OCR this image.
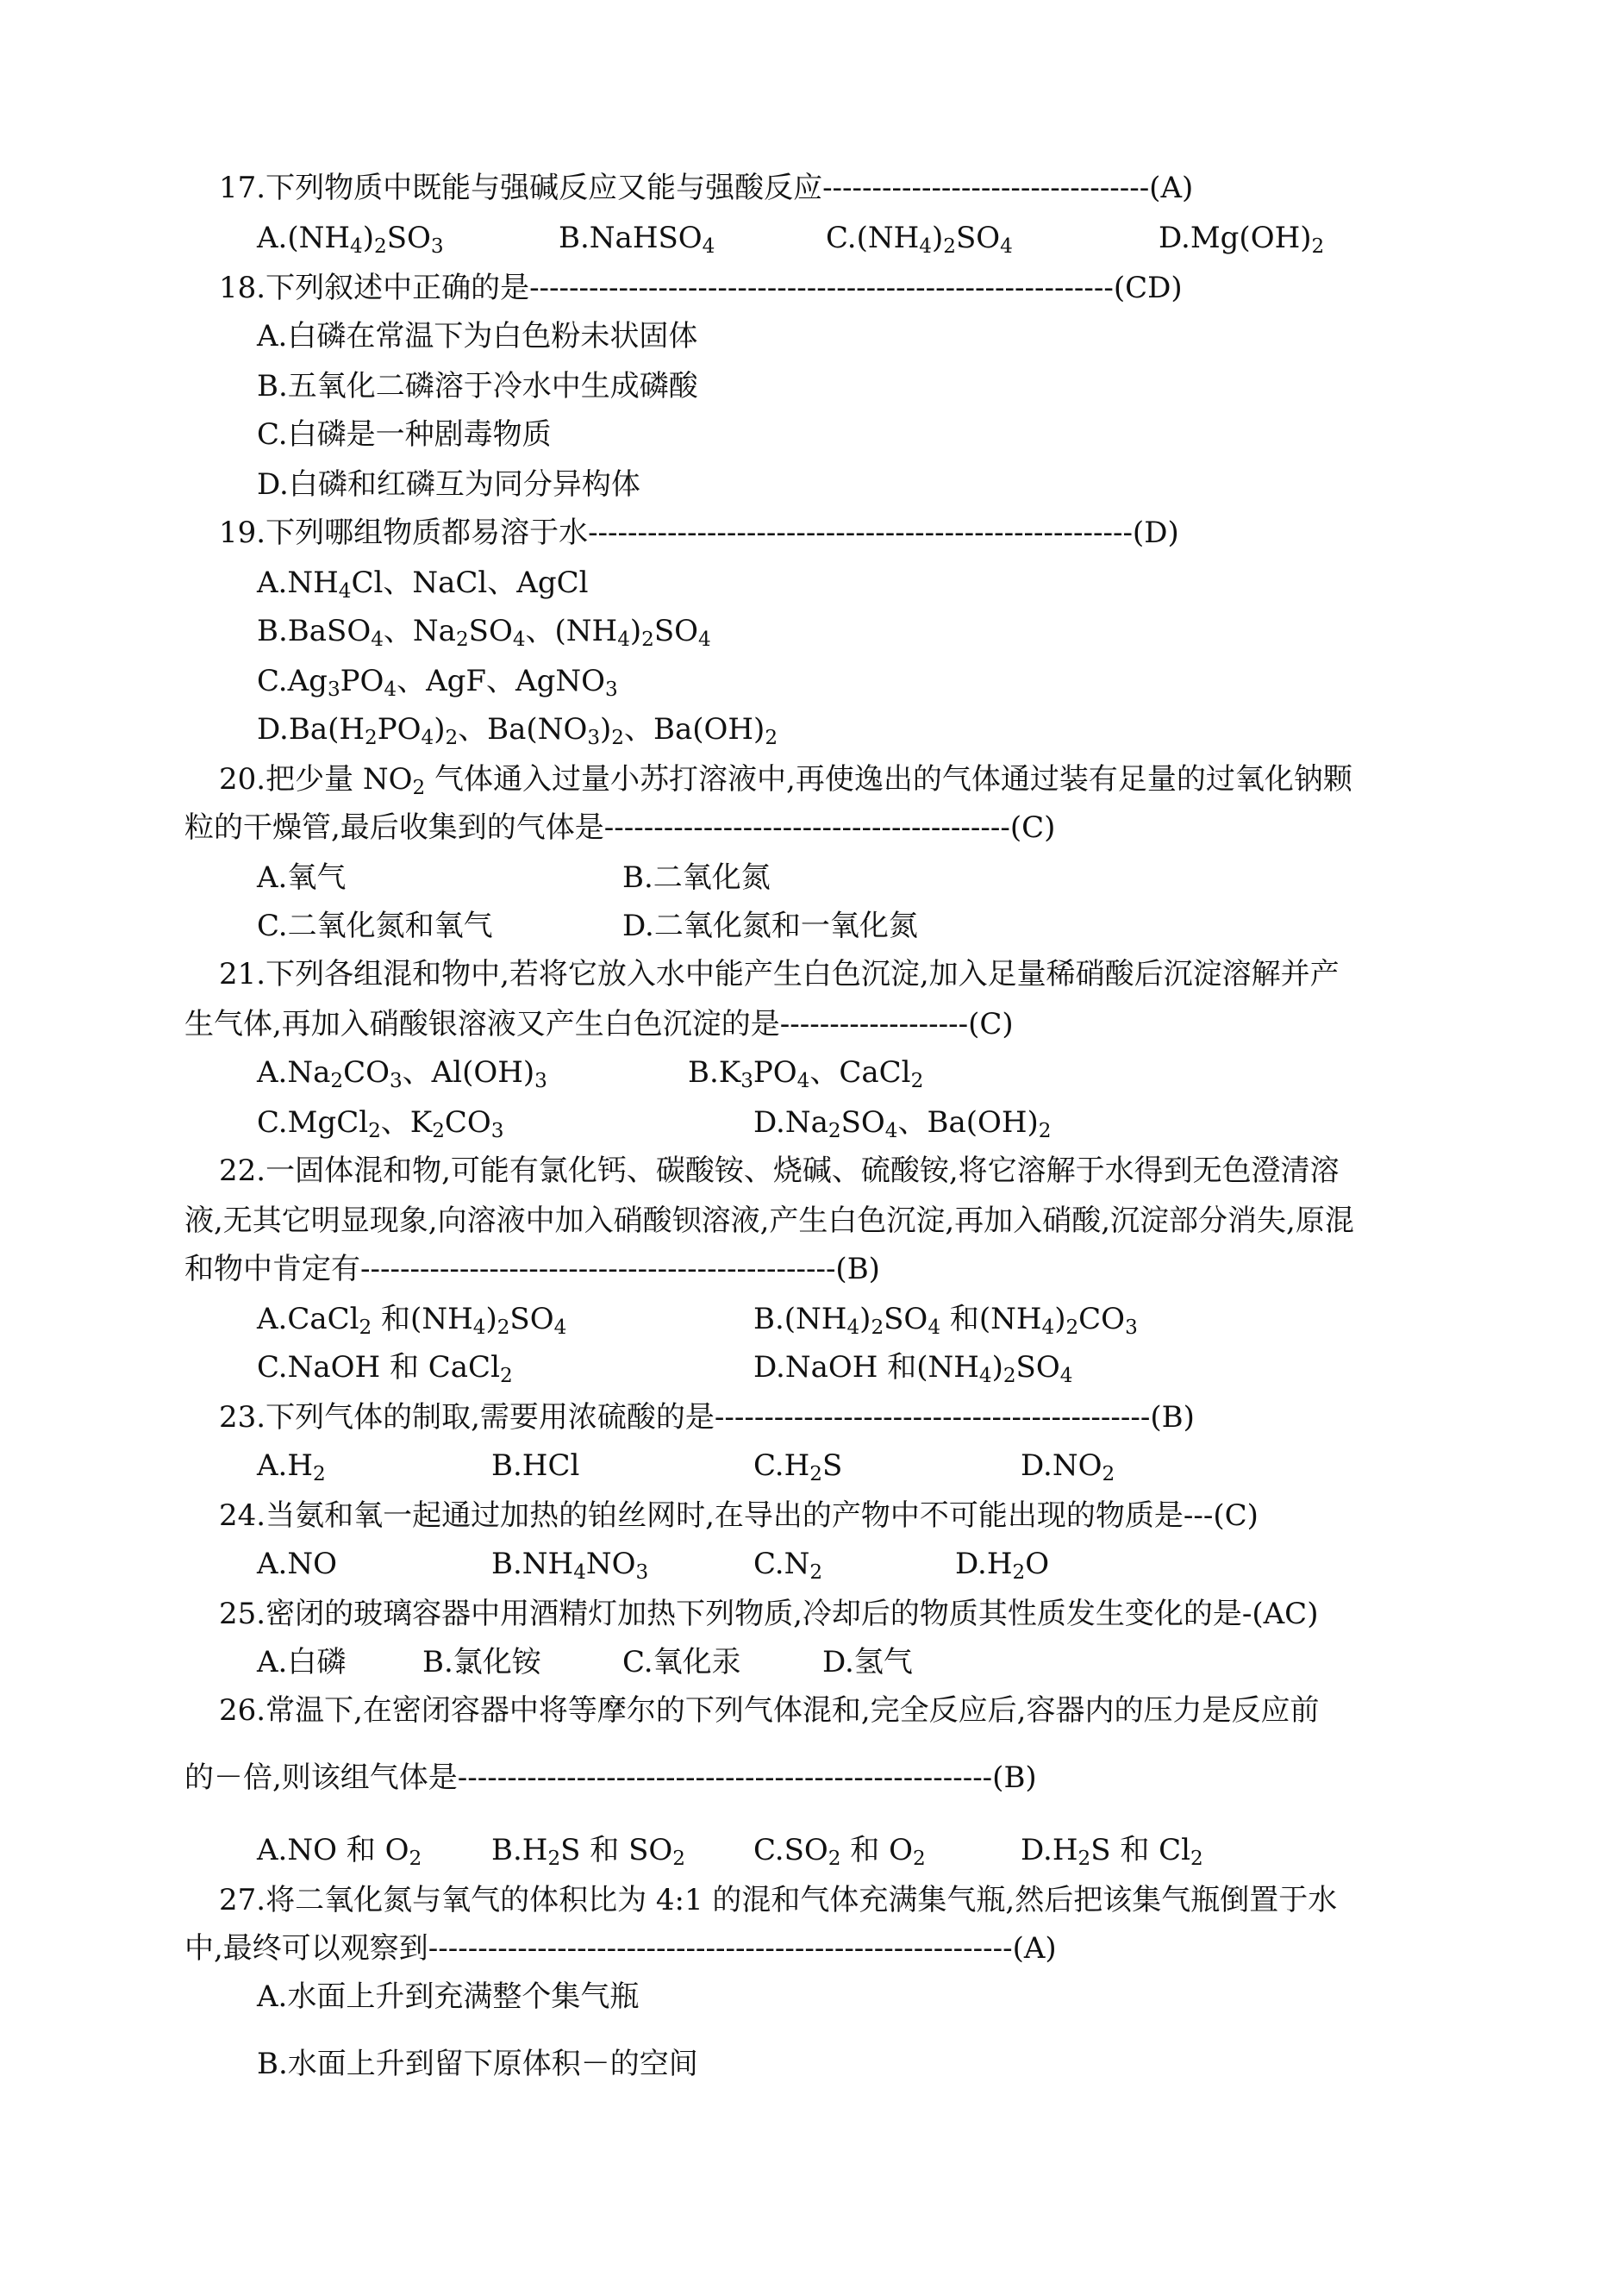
17.下列物质中既能与强碱反应又能与强酸反应---------------------------------(A)
$A.(NH_4)_2SO_3$	B.NaHSO$_4$	$C.(NH_4)_2SO_4$	$D.Mg(OH)_2$
18.下列叙述中正确的是-----------------------------------------------------------(CD)
A.白磷在常温下为白色粉未状固体
B.五氧化二磷溶于冷水中生成磷酸
C.白磷是一种剧毒物质
D.白磷和红磷互为同分异构体
19.下列哪组物质都易溶于水-------------------------------------------------------(D)
$A.NH_4Cl$、NaCl、AgCl
B.BaSO$_4$、$Na_2SO_4$、$(NH_4)_2SO_4$
$C.Ag_3PO_4$、AgF、AgNO$_3$
$D.Ba(H_2PO_4)_2$、$Ba(NO_3)_2$、$Ba(OH)_2$
20.把少量 $NO_2$ 气体通入过量小苏打溶液中,再使逸出的气体通过装有足量的过氧化钠颗
粒的干燥管,最后收集到的气体是-----------------------------------------(C)
A.氧气	B.二氧化氮
C.二氧化氮和氧气	D.二氧化氮和一氧化氮
21.下列各组混和物中,若将它放入水中能产生白色沉淀,加入足量稀硝酸后沉淀溶解并产
生气体,再加入硝酸银溶液又产生白色沉淀的是-------------------(C)
$A.Na_2CO_3$、$Al(OH)_3$	$B.K_3PO_4$、CaCl$_2$
C.MgCl$_2$、$K_2CO_3$	$D.Na_2SO_4$、$Ba(OH)_2$
22.一固体混和物,可能有氯化钙、碳酸铵、烧碱、硫酸铵,将它溶解于水得到无色澄清溶
液,无其它明显现象,向溶液中加入硝酸钡溶液,产生白色沉淀,再加入硝酸,沉淀部分消失,原混
和物中肯定有------------------------------------------------(B)
A.CaCl$_2$ 和$(NH_4)_2SO_4$	$B.(NH_4)_2SO_4$ 和$(NH_4)_2CO_3$
C.NaOH 和 CaCl$_2$	D.NaOH 和$(NH_4)_2SO_4$
23.下列气体的制取,需要用浓硫酸的是--------------------------------------------(B)
$A.H_2$	B.HCl	$C.H_2S$	$D.NO_2$
24.当氨和氧一起通过加热的铂丝网时,在导出的产物中不可能出现的物质是---(C)
A.NO	$B.NH_4NO_3$	$C.N_2$	$D.H_2O$
25.密闭的玻璃容器中用酒精灯加热下列物质,冷却后的物质其性质发生变化的是-(AC)
A.白磷	B.氯化铵	C.氧化汞	D.氢气
26.常温下,在密闭容器中将等摩尔的下列气体混和,完全反应后,容器内的压力是反应前
的－倍,则该组气体是------------------------------------------------------(B)
A.NO 和 $O_2$ $B.H_2S$ 和 $SO_2$ $C.SO_2$ 和 $O_2$	$D.H_2S$ 和 $Cl_2$
27.将二氧化氮与氧气的体积比为 4:1 的混和气体充满集气瓶,然后把该集气瓶倒置于水
中,最终可以观察到-----------------------------------------------------------(A)
A.水面上升到充满整个集气瓶
B.水面上升到留下原体积－的空间
